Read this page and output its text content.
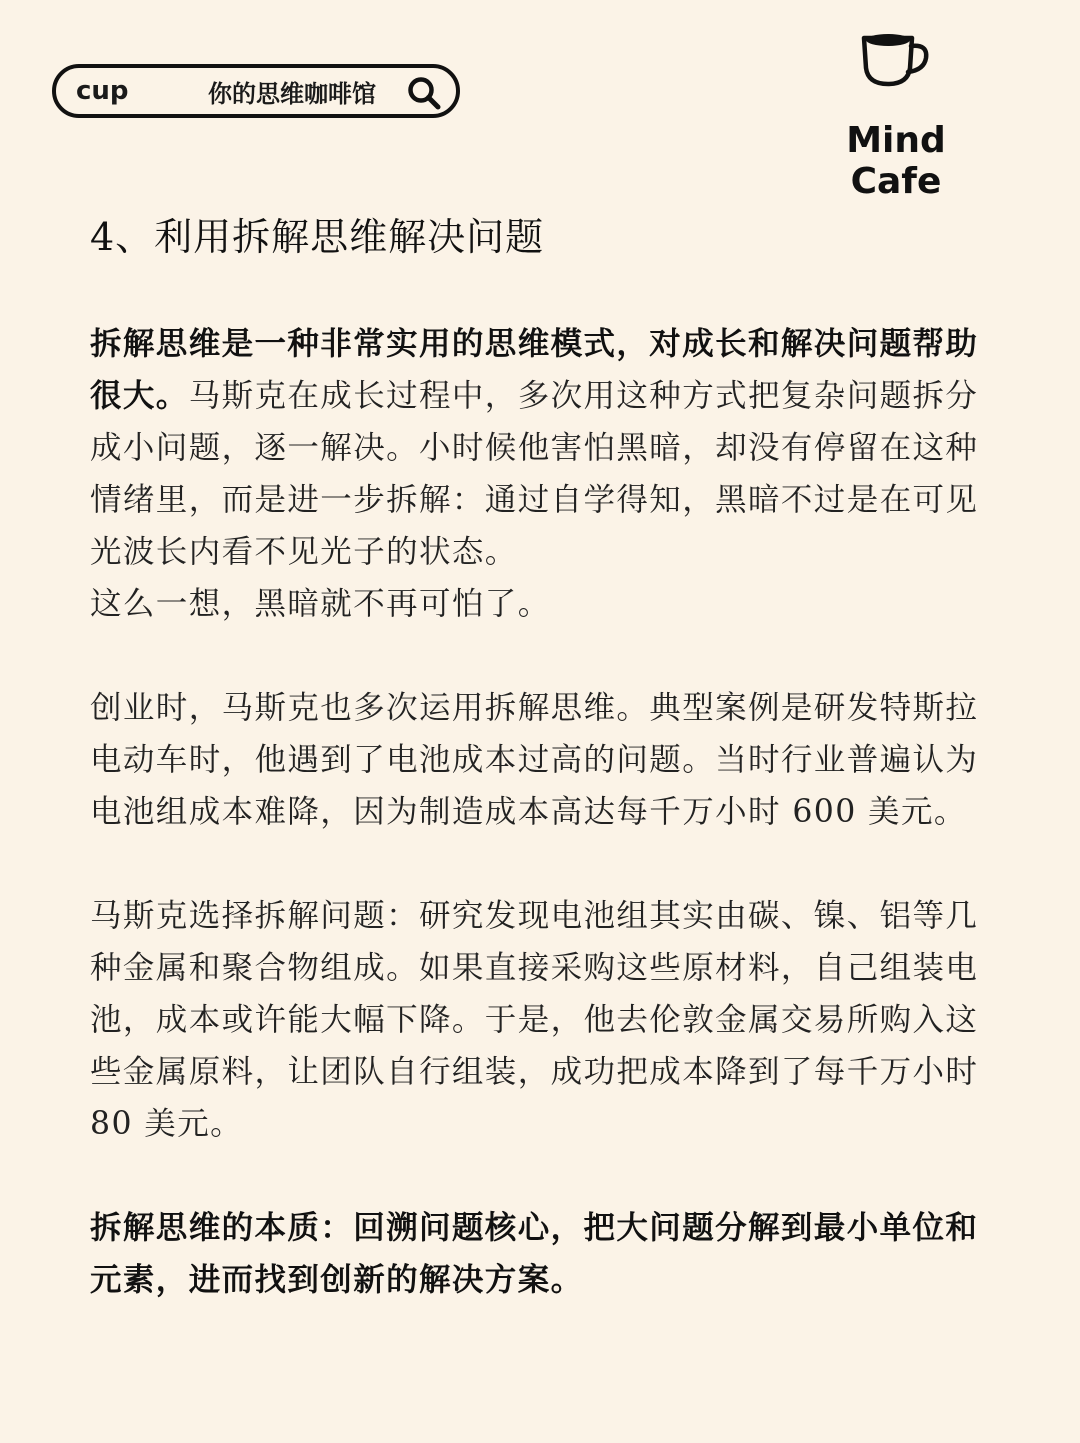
cup	你的思维咖啡馆
Mind Cafe
4、利用拆解思维解决问题

拆解思维是一种非常实用的思维模式，对成长和解决问题帮助很大。马斯克在成长过程中，多次用这种方式把复杂问题拆分成小问题，逐一解决。小时候他害怕黑暗，却没有停留在这种情绪里，而是进一步拆解：通过自学得知，黑暗不过是在可见光波长内看不见光子的状态。

这么一想，黑暗就不再可怕了。

创业时，马斯克也多次运用拆解思维。典型案例是研发特斯拉电动车时，他遇到了电池成本过高的问题。当时行业普遍认为电池组成本难降，因为制造成本高达每千万小时 600 美元。

马斯克选择拆解问题：研究发现电池组其实由碳、镍、铝等几种金属和聚合物组成。如果直接采购这些原材料，自己组装电池，成本或许能大幅下降。于是，他去伦敦金属交易所购入这些金属原料，让团队自行组装，成功把成本降到了每千万小时 80 美元。

拆解思维的本质：回溯问题核心，把大问题分解到最小单位和元素，进而找到创新的解决方案。
